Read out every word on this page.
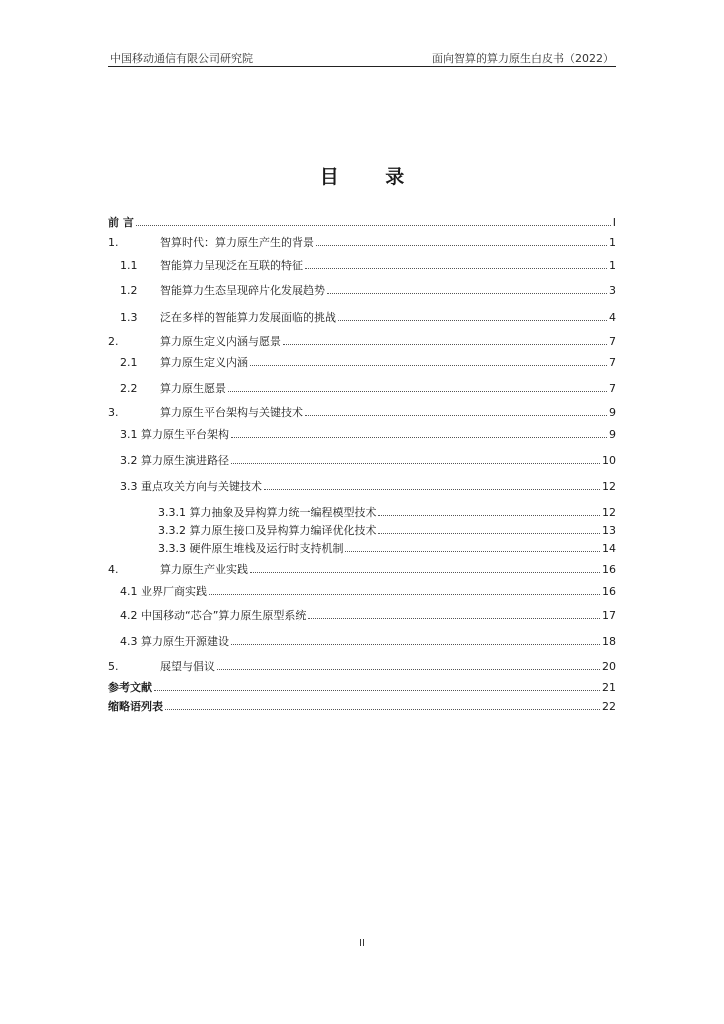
中国移动通信有限公司研究院	面向智算的算力原生白皮书（2022）
目 录
前 言	I
1.	智算时代：算力原生产生的背景	1
1.1	智能算力呈现泛在互联的特征	1
1.2	智能算力生态呈现碎片化发展趋势	3
1.3	泛在多样的智能算力发展面临的挑战	4
2.	算力原生定义内涵与愿景	7
2.1	算力原生定义内涵	7
2.2	算力原生愿景	7
3.	算力原生平台架构与关键技术	9
3.1 算力原生平台架构	9
3.2 算力原生演进路径	10
3.3 重点攻关方向与关键技术	12
3.3.1 算力抽象及异构算力统一编程模型技术	12
3.3.2 算力原生接口及异构算力编译优化技术	13
3.3.3 硬件原生堆栈及运行时支持机制	14
4.	算力原生产业实践	16
4.1 业界厂商实践	16
4.2 中国移动“芯合”算力原生原型系统	17
4.3 算力原生开源建设	18
5.	展望与倡议	20
参考文献	21
缩略语列表	22
II
